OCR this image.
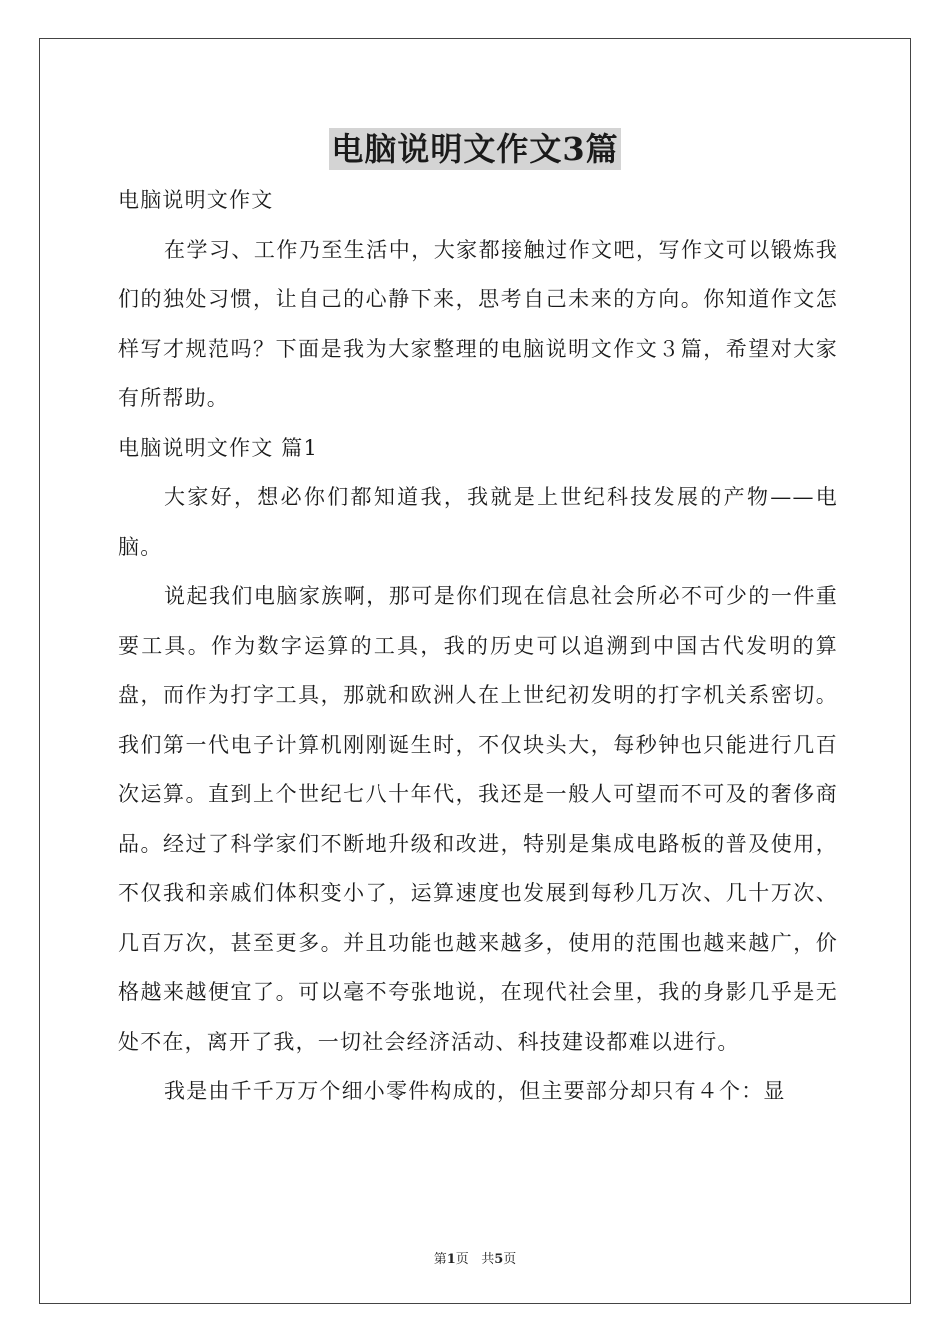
电脑说明文作文3篇

电脑说明文作文

在学习、工作乃至生活中，大家都接触过作文吧，写作文可以锻炼我们的独处习惯，让自己的心静下来，思考自己未来的方向。你知道作文怎样写才规范吗？下面是我为大家整理的电脑说明文作文３篇，希望对大家有所帮助。

电脑说明文作文 篇1

大家好，想必你们都知道我，我就是上世纪科技发展的产物——电脑。

说起我们电脑家族啊，那可是你们现在信息社会所必不可少的一件重要工具。作为数字运算的工具，我的历史可以追溯到中国古代发明的算盘，而作为打字工具，那就和欧洲人在上世纪初发明的打字机关系密切。我们第一代电子计算机刚刚诞生时，不仅块头大，每秒钟也只能进行几百次运算。直到上个世纪七八十年代，我还是一般人可望而不可及的奢侈商品。经过了科学家们不断地升级和改进，特别是集成电路板的普及使用，不仅我和亲戚们体积变小了，运算速度也发展到每秒几万次、几十万次、几百万次，甚至更多。并且功能也越来越多，使用的范围也越来越广，价格越来越便宜了。可以毫不夸张地说，在现代社会里，我的身影几乎是无处不在，离开了我，一切社会经济活动、科技建设都难以进行。

我是由千千万万个细小零件构成的，但主要部分却只有４个：显

第1页 共5页
